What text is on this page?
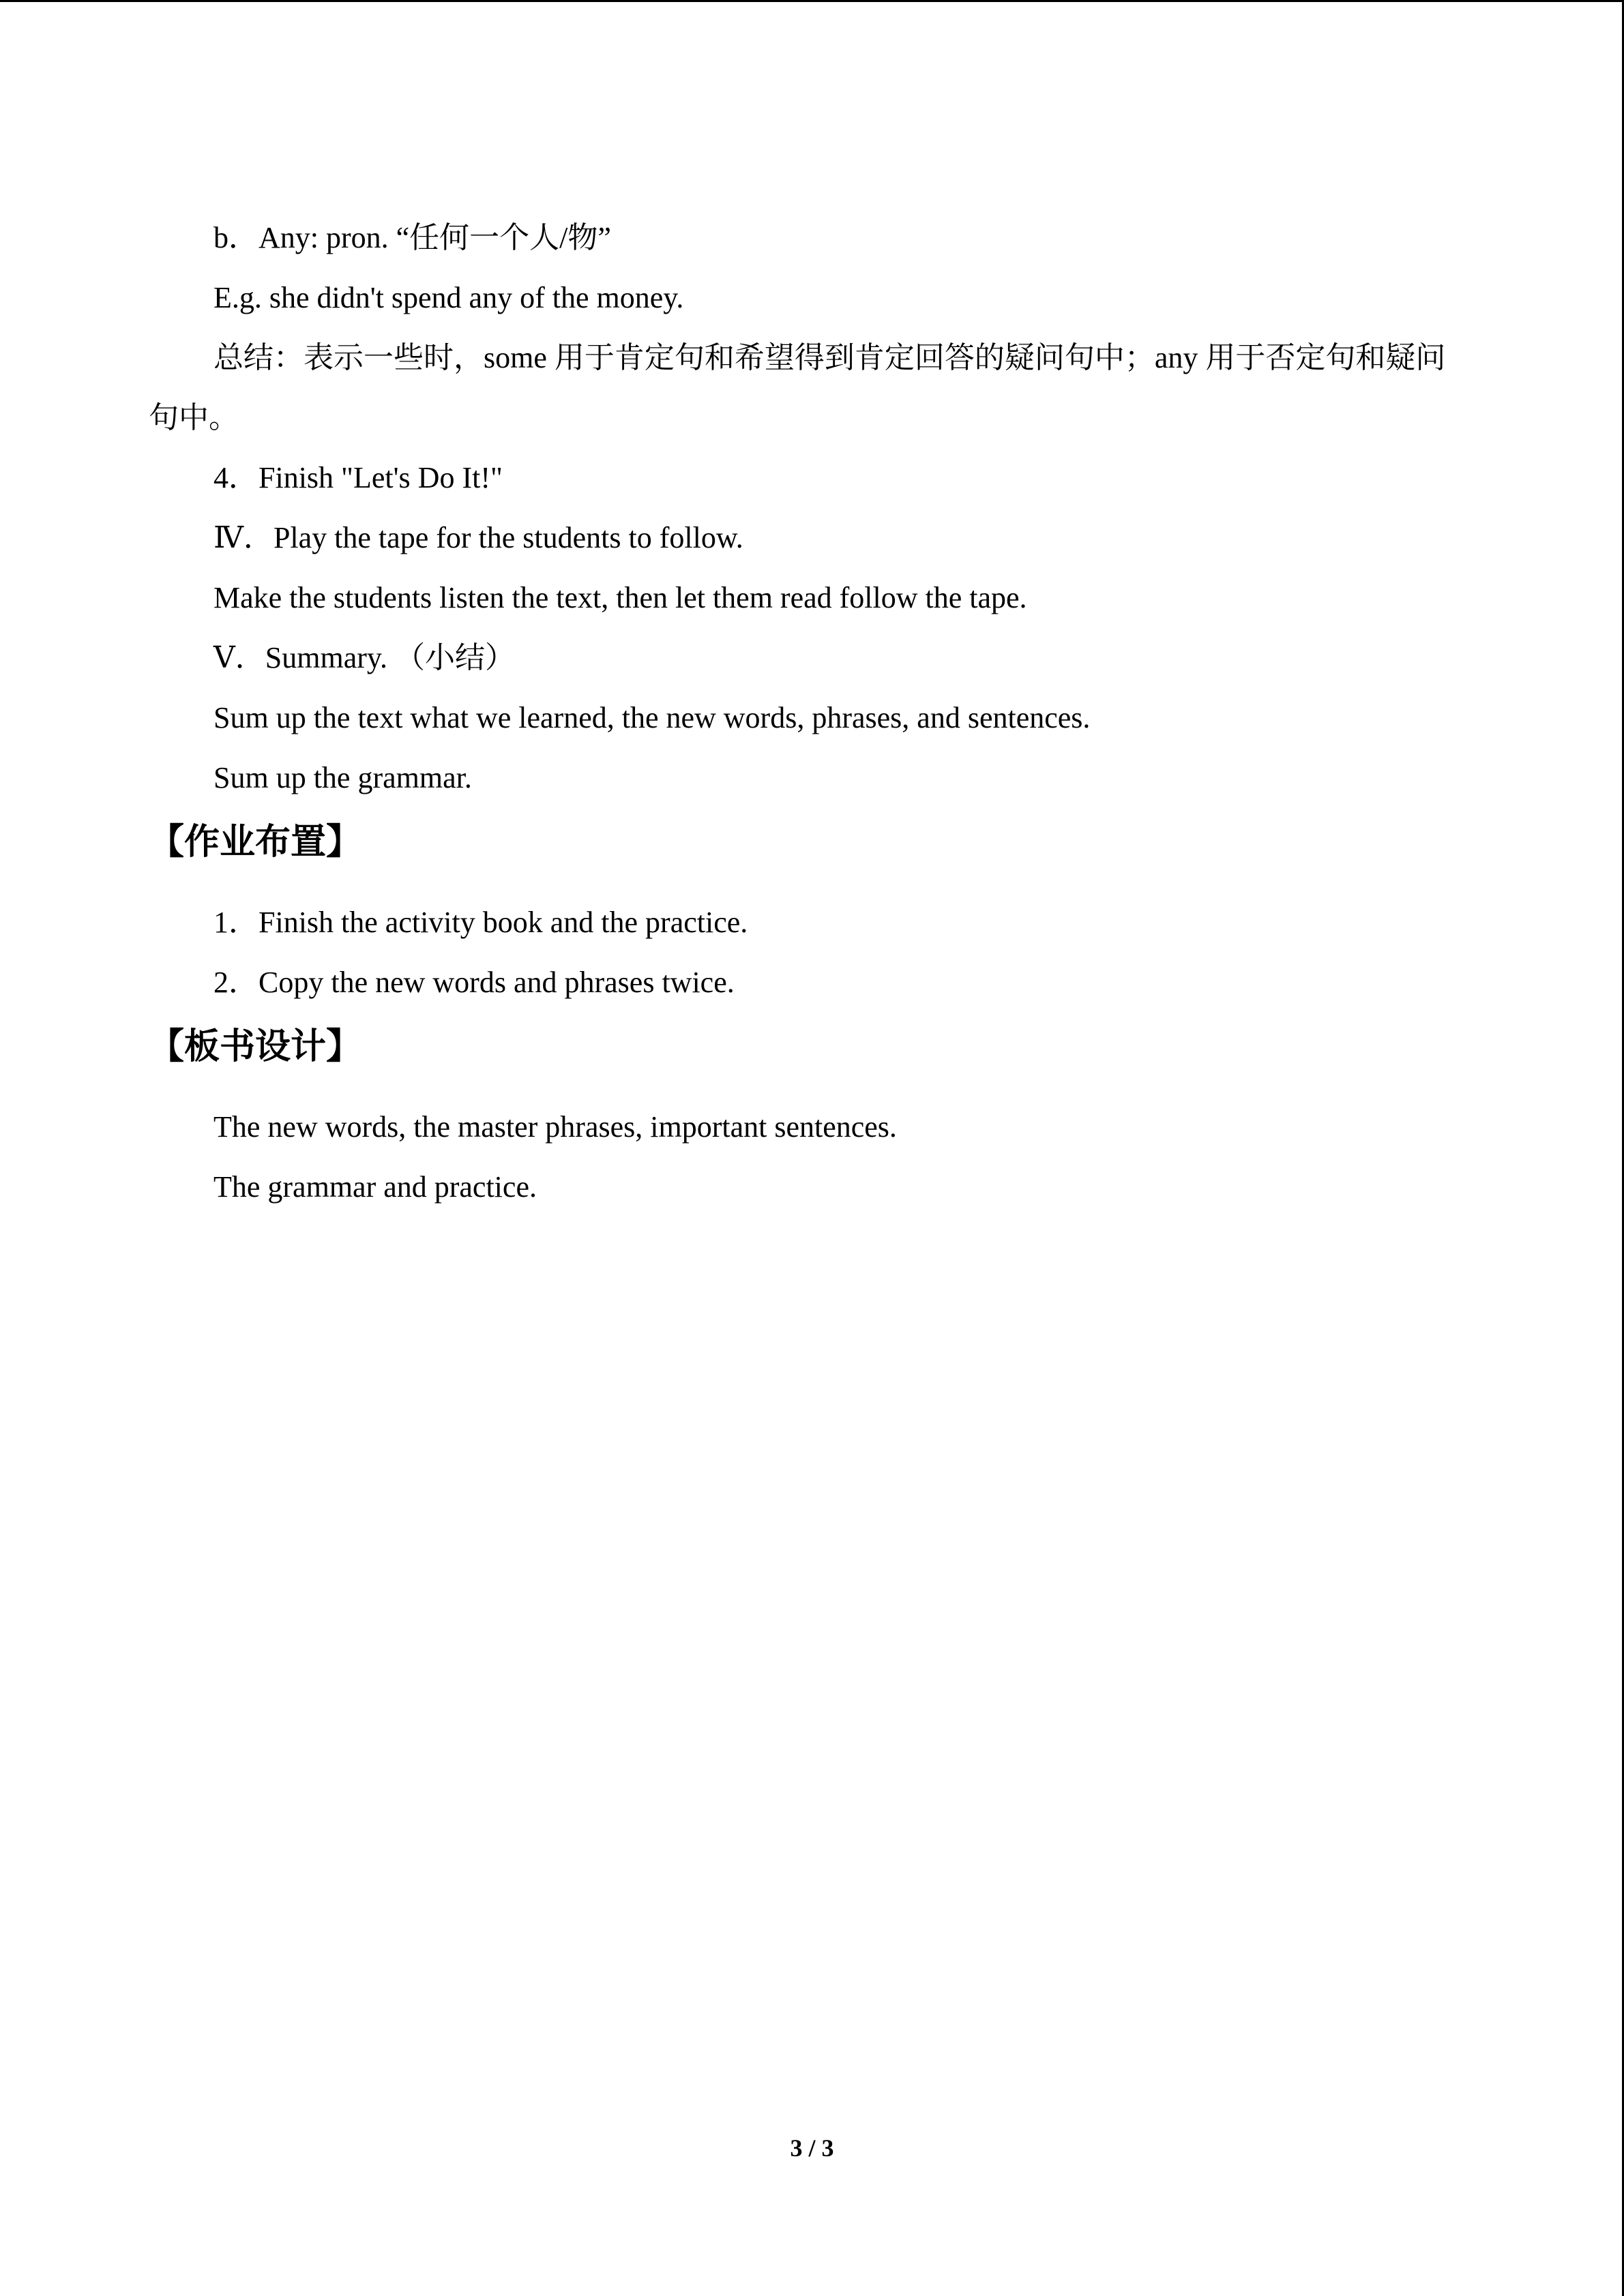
b．Any: pron. “任何一个人/物”
E.g. she didn't spend any of the money.
总结：表示一些时，some 用于肯定句和希望得到肯定回答的疑问句中；any 用于否定句和疑问句中。
4．Finish "Let's Do It!"
Ⅳ．Play the tape for the students to follow.
Make the students listen the text, then let them read follow the tape.
Ⅴ．Summary. （小结）
Sum up the text what we learned, the new words, phrases, and sentences.
Sum up the grammar.
【作业布置】
1．Finish the activity book and the practice.
2．Copy the new words and phrases twice.
【板书设计】
The new words, the master phrases, important sentences.
The grammar and practice.
3 / 3
